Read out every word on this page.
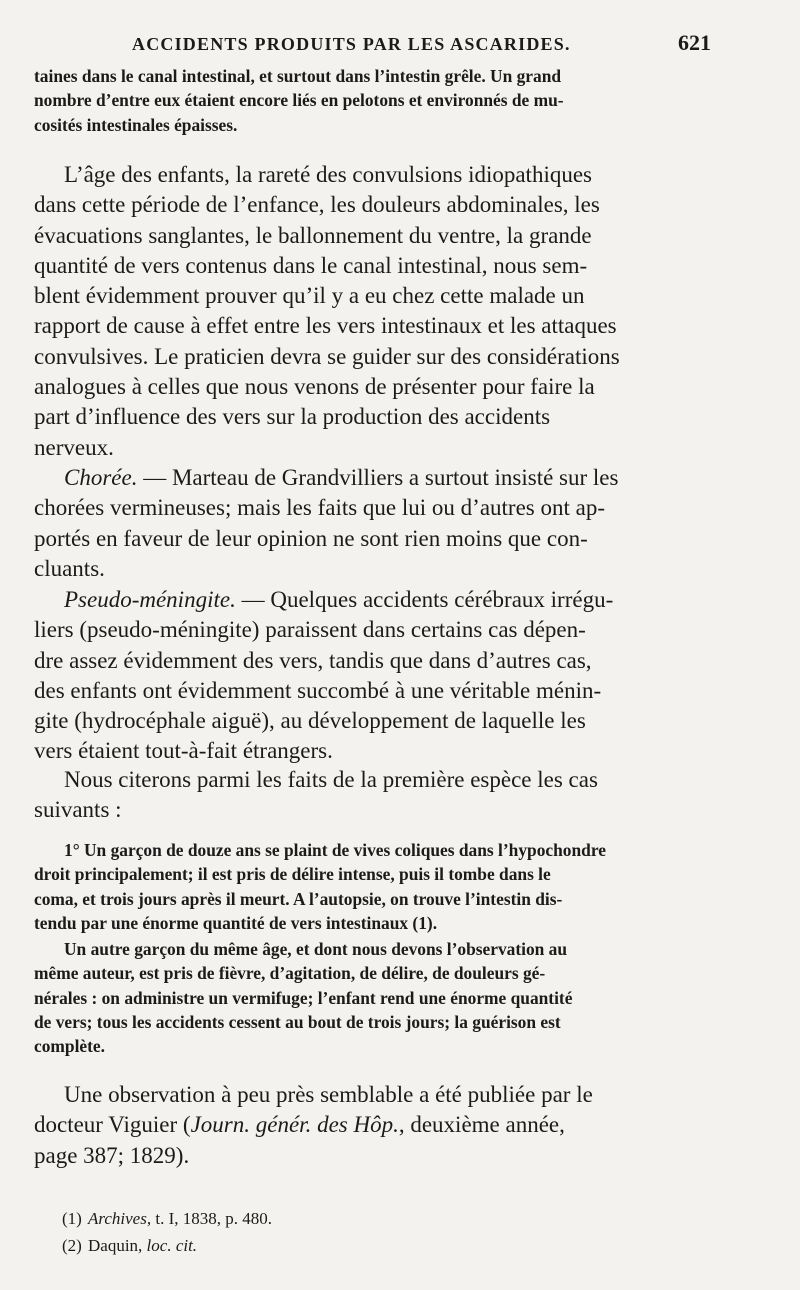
ACCIDENTS PRODUITS PAR LES ASCARIDES.	621
taines dans le canal intestinal, et surtout dans l’intestin grêle. Un grand
nombre d’entre eux étaient encore liés en pelotons et environnés de mu-
cosités intestinales épaisses.
L’âge des enfants, la rareté des convulsions idiopathiques
dans cette période de l’enfance, les douleurs abdominales, les
évacuations sanglantes, le ballonnement du ventre, la grande
quantité de vers contenus dans le canal intestinal, nous sem-
blent évidemment prouver qu’il y a eu chez cette malade un
rapport de cause à effet entre les vers intestinaux et les attaques
convulsives. Le praticien devra se guider sur des considérations
analogues à celles que nous venons de présenter pour faire la
part d’influence des vers sur la production des accidents
nerveux.
Chorée. — Marteau de Grandvilliers a surtout insisté sur les
chorées vermineuses; mais les faits que lui ou d’autres ont ap-
portés en faveur de leur opinion ne sont rien moins que con-
cluants.
Pseudo-méningite. — Quelques accidents cérébraux irrégu-
liers (pseudo-méningite) paraissent dans certains cas dépen-
dre assez évidemment des vers, tandis que dans d’autres cas,
des enfants ont évidemment succombé à une véritable ménin-
gite (hydrocéphale aiguë), au développement de laquelle les
vers étaient tout-à-fait étrangers.
Nous citerons parmi les faits de la première espèce les cas
suivants :
1° Un garçon de douze ans se plaint de vives coliques dans l’hypochondre
droit principalement; il est pris de délire intense, puis il tombe dans le
coma, et trois jours après il meurt. A l’autopsie, on trouve l’intestin dis-
tendu par une énorme quantité de vers intestinaux (1).
Un autre garçon du même âge, et dont nous devons l’observation au
même auteur, est pris de fièvre, d’agitation, de délire, de douleurs gé-
nérales : on administre un vermifuge; l’enfant rend une énorme quantité
de vers; tous les accidents cessent au bout de trois jours; la guérison est
complète.
Une observation à peu près semblable a été publiée par le
docteur Viguier (Journ. génér. des Hôp., deuxième année,
page 387; 1829).
(1) Archives, t. I, 1838, p. 480.
(2) Daquin, loc. cit.
